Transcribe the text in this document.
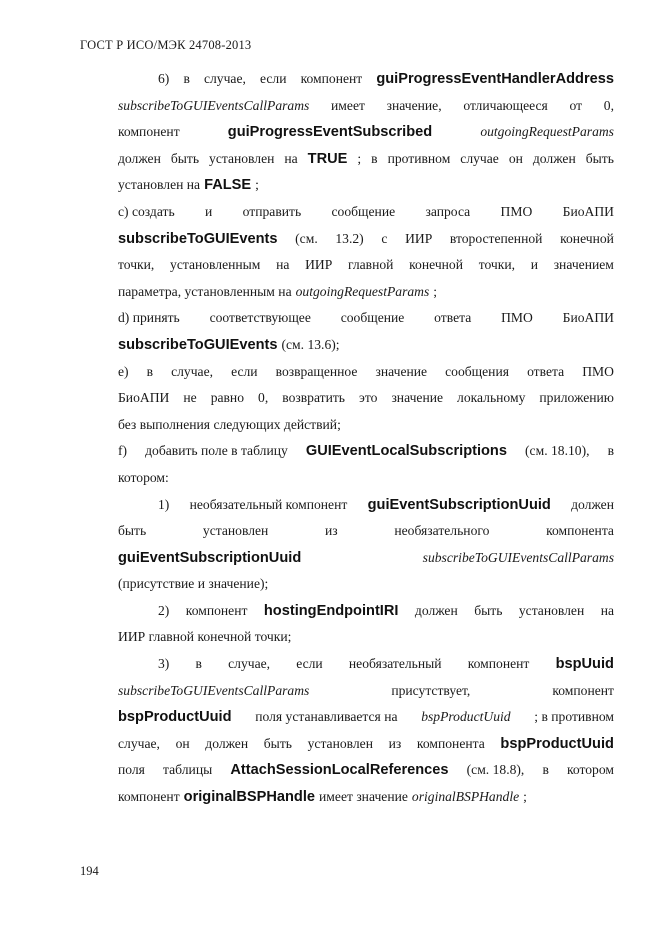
ГОСТ Р ИСО/МЭК 24708-2013
6) в случае, если компонент guiProgressEventHandlerAddress
subscribeToGUIEventsCallParams имеет значение, отличающееся от 0,
компонент	guiProgressEventSubscribed	outgoingRequestParams
должен быть установлен на TRUE ; в противном случае он должен быть
установлен на FALSE ;
с) создать и отправить сообщение запроса ПМО БиоАПИ
subscribeToGUIEvents (см. 13.2) с ИИР второстепенной конечной
точки, установленным на ИИР главной конечной точки, и значением
параметра, установленным на outgoingRequestParams ;
d) принять соответствующее сообщение ответа ПМО БиоАПИ
subscribeToGUIEvents (см. 13.6);
е) в случае, если возвращенное значение сообщения ответа ПМО
БиоАПИ не равно 0, возвратить это значение локальному приложению
без выполнения следующих действий;
f) добавить поле в таблицу GUIEventLocalSubscriptions (см. 18.10), в
котором:
1) необязательный компонент guiEventSubscriptionUuid должен
быть	установлен	из	необязательного	компонента
guiEventSubscriptionUuid	subscribeToGUIEventsCallParams
(присутствие и значение);
2) компонент hostingEndpointIRI должен быть установлен на
ИИР главной конечной точки;
3) в случае, если необязательный компонент bspUuid
subscribeToGUIEventsCallParams	присутствует,	компонент
bspProductUuid поля устанавливается на bspProductUuid ; в противном
случае, он должен быть установлен из компонента bspProductUuid
поля таблицы AttachSessionLocalReferences (см. 18.8), в котором
компонент originalBSPHandle имеет значение originalBSPHandle ;
194
